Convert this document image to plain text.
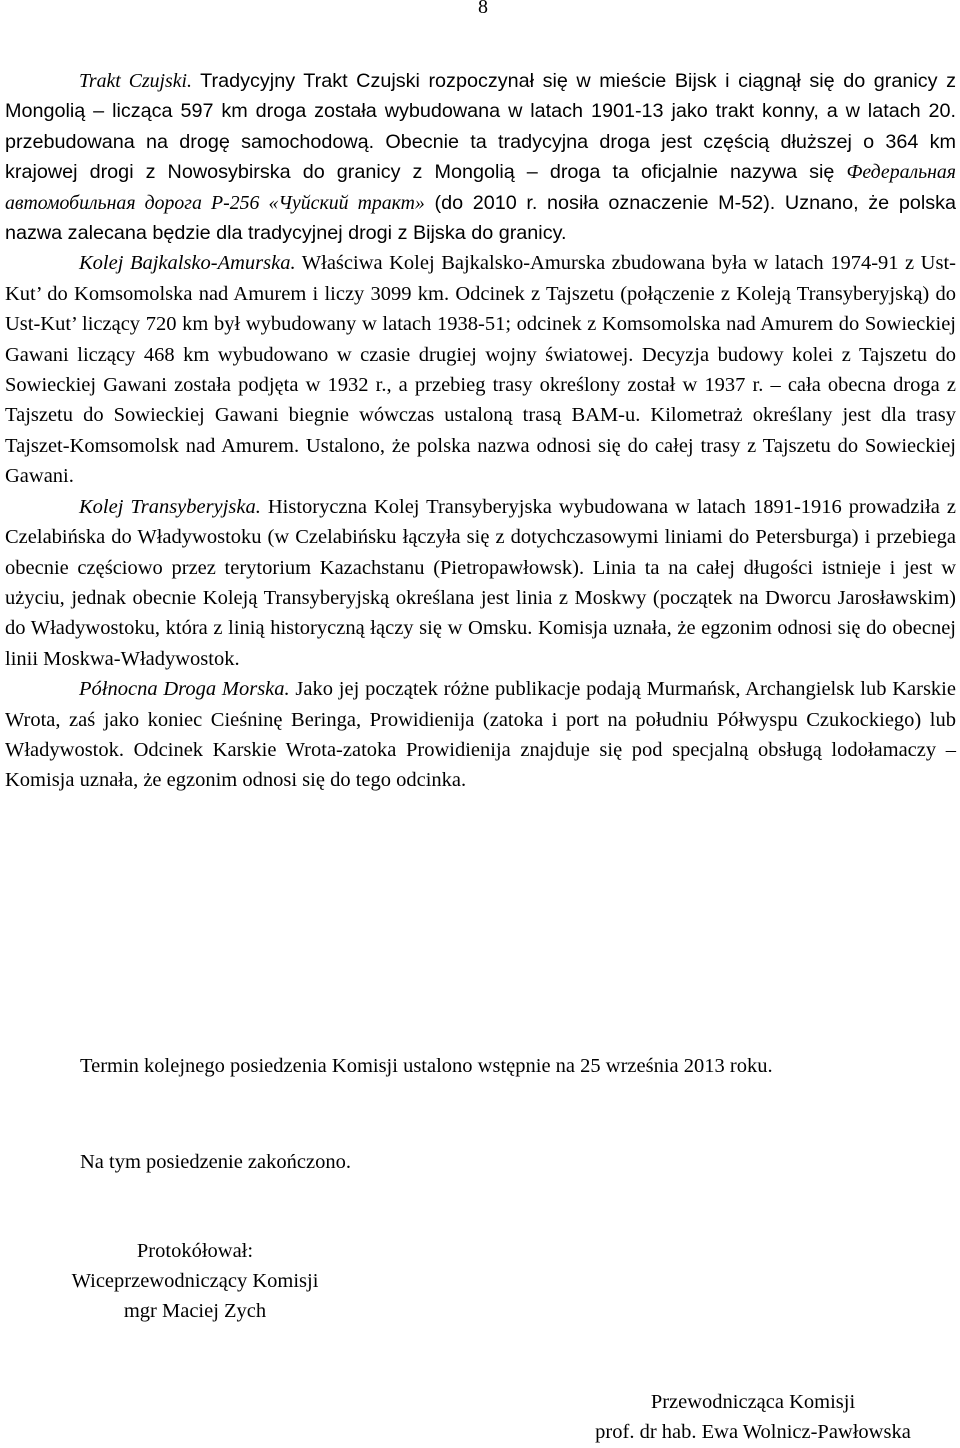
8

Trakt Czujski. Tradycyjny Trakt Czujski rozpoczynał się w mieście Bijsk i ciągnął się do granicy z Mongolią – licząca 597 km droga została wybudowana w latach 1901-13 jako trakt konny, a w latach 20. przebudowana na drogę samochodową. Obecnie ta tradycyjna droga jest częścią dłuższej o 364 km krajowej drogi z Nowosybirska do granicy z Mongolią – droga ta oficjalnie nazywa się Федеральная автомобильная дорога Р-256 «Чуйский тракт» (do 2010 r. nosiła oznaczenie M-52). Uznano, że polska nazwa zalecana będzie dla tradycyjnej drogi z Bijska do granicy.

Kolej Bajkalsko-Amurska. Właściwa Kolej Bajkalsko-Amurska zbudowana była w latach 1974-91 z Ust-Kut’ do Komsomolska nad Amurem i liczy 3099 km. Odcinek z Tajszetu (połączenie z Koleją Transyberyjską) do Ust-Kut’ liczący 720 km był wybudowany w latach 1938-51; odcinek z Komsomolska nad Amurem do Sowieckiej Gawani liczący 468 km wybudowano w czasie drugiej wojny światowej. Decyzja budowy kolei z Tajszetu do Sowieckiej Gawani została podjęta w 1932 r., a przebieg trasy określony został w 1937 r. – cała obecna droga z Tajszetu do Sowieckiej Gawani biegnie wówczas ustaloną trasą BAM-u. Kilometraż określany jest dla trasy Tajszet-Komsomolsk nad Amurem. Ustalono, że polska nazwa odnosi się do całej trasy z Tajszetu do Sowieckiej Gawani.

Kolej Transyberyjska. Historyczna Kolej Transyberyjska wybudowana w latach 1891-1916 prowadziła z Czelabińska do Władywostoku (w Czelabińsku łączyła się z dotychczasowymi liniami do Petersburga) i przebiega obecnie częściowo przez terytorium Kazachstanu (Pietropawłowsk). Linia ta na całej długości istnieje i jest w użyciu, jednak obecnie Koleją Transyberyjską określana jest linia z Moskwy (początek na Dworcu Jarosławskim) do Władywostoku, która z linią historyczną łączy się w Omsku. Komisja uznała, że egzonim odnosi się do obecnej linii Moskwa-Władywostok.

Północna Droga Morska. Jako jej początek różne publikacje podają Murmańsk, Archangielsk lub Karskie Wrota, zaś jako koniec Cieśninę Beringa, Prowidienija (zatoka i port na południu Półwyspu Czukockiego) lub Władywostok. Odcinek Karskie Wrota-zatoka Prowidienija znajduje się pod specjalną obsługą lodołamaczy – Komisja uznała, że egzonim odnosi się do tego odcinka.

Termin kolejnego posiedzenia Komisji ustalono wstępnie na 25 września 2013 roku.
Na tym posiedzenie zakończono.
Protokółował:
Wiceprzewodniczący Komisji
mgr Maciej Zych
Przewodnicząca Komisji
prof. dr hab. Ewa Wolnicz-Pawłowska
